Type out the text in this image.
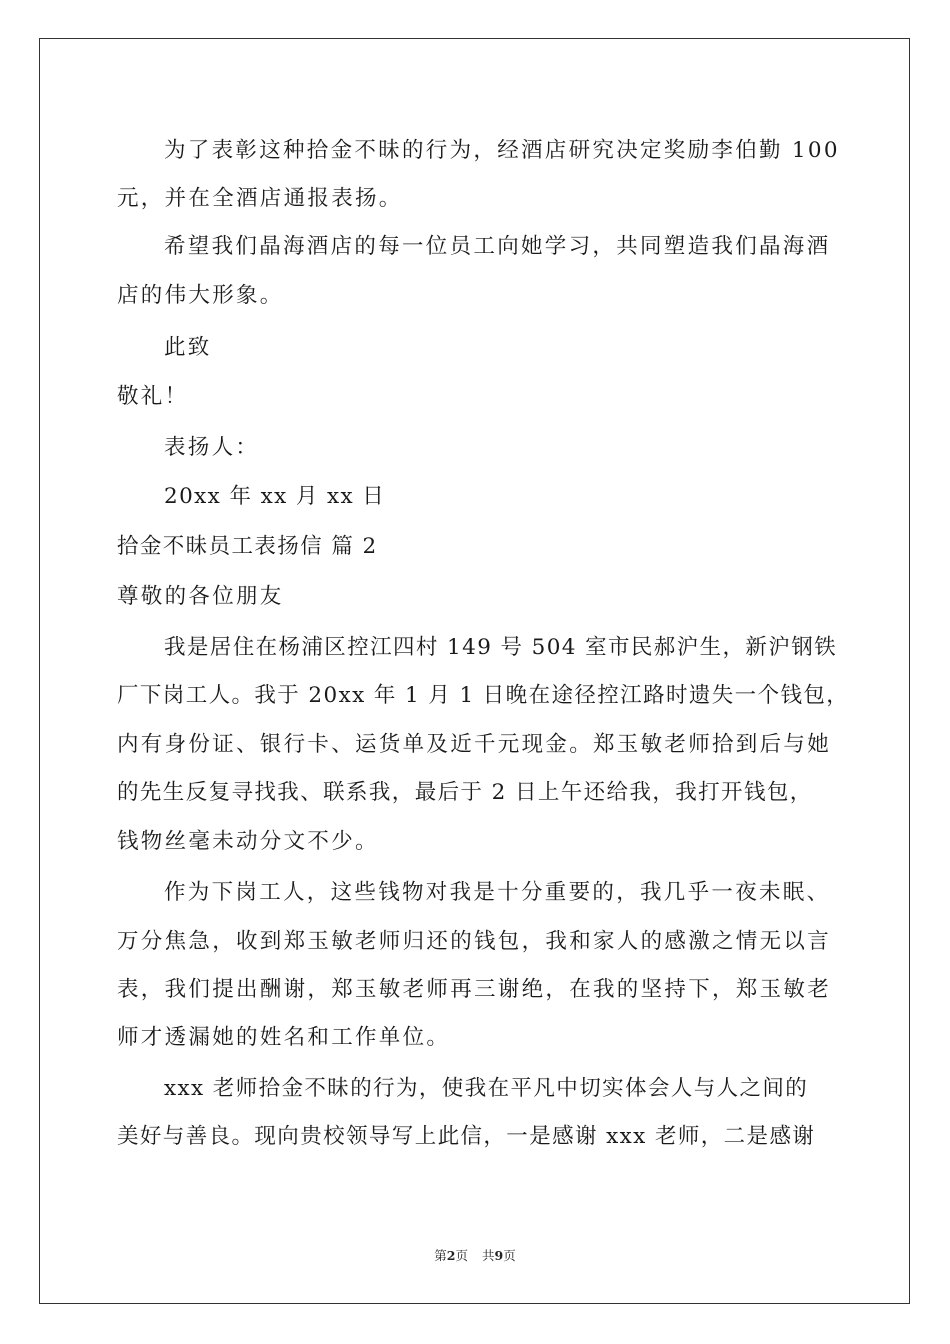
为了表彰这种拾金不昧的行为，经酒店研究决定奖励李伯勤 100
元，并在全酒店通报表扬。
希望我们晶海酒店的每一位员工向她学习，共同塑造我们晶海酒
店的伟大形象。
此致
敬礼！
表扬人：
20xx 年 xx 月 xx 日
拾金不昧员工表扬信 篇 2
尊敬的各位朋友
我是居住在杨浦区控江四村 149 号 504 室市民郝沪生，新沪钢铁
厂下岗工人。我于 20xx 年 1 月 1 日晚在途径控江路时遗失一个钱包，
内有身份证、银行卡、运货单及近千元现金。郑玉敏老师拾到后与她
的先生反复寻找我、联系我，最后于 2 日上午还给我，我打开钱包，
钱物丝毫未动分文不少。
作为下岗工人，这些钱物对我是十分重要的，我几乎一夜未眠、
万分焦急，收到郑玉敏老师归还的钱包，我和家人的感激之情无以言
表，我们提出酬谢，郑玉敏老师再三谢绝，在我的坚持下，郑玉敏老
师才透漏她的姓名和工作单位。
xxx 老师拾金不昧的行为，使我在平凡中切实体会人与人之间的
美好与善良。现向贵校领导写上此信，一是感谢 xxx 老师，二是感谢
第2页 共9页
